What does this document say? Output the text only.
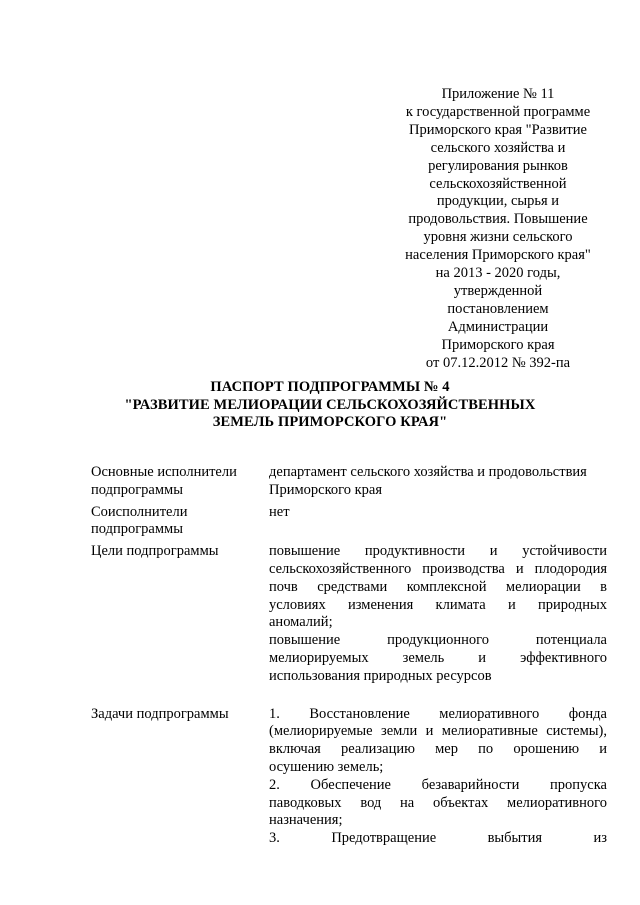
Приложение № 11
к государственной программе
Приморского края "Развитие
сельского хозяйства и
регулирования рынков
сельскохозяйственной
продукции, сырья и
продовольствия. Повышение
уровня жизни сельского
населения Приморского края"
на 2013 - 2020 годы,
утвержденной
постановлением
Администрации
Приморского края
от 07.12.2012 № 392-па
ПАСПОРТ ПОДПРОГРАММЫ № 4
"РАЗВИТИЕ МЕЛИОРАЦИИ СЕЛЬСКОХОЗЯЙСТВЕННЫХ
ЗЕМЕЛЬ ПРИМОРСКОГО КРАЯ"
Основные исполнители
подпрограммы

департамент сельского хозяйства и продовольствия

Приморского края

Соисполнители
подпрограммы

нет

Цели подпрограммы	повышение продуктивности и устойчивости

сельскохозяйственного производства и плодородия

почв средствами комплексной мелиорации в

условиях изменения климата и природных

аномалий;

повышение продукционного потенциала

мелиорируемых земель и эффективного

использования природных ресурсов

Задачи подпрограммы	1. Восстановление мелиоративного фонда

(мелиорируемые земли и мелиоративные системы),

включая реализацию мер по орошению и

осушению земель;

2. Обеспечение безаварийности пропуска

паводковых вод на объектах мелиоративного

назначения;

3. Предотвращение выбытия из
